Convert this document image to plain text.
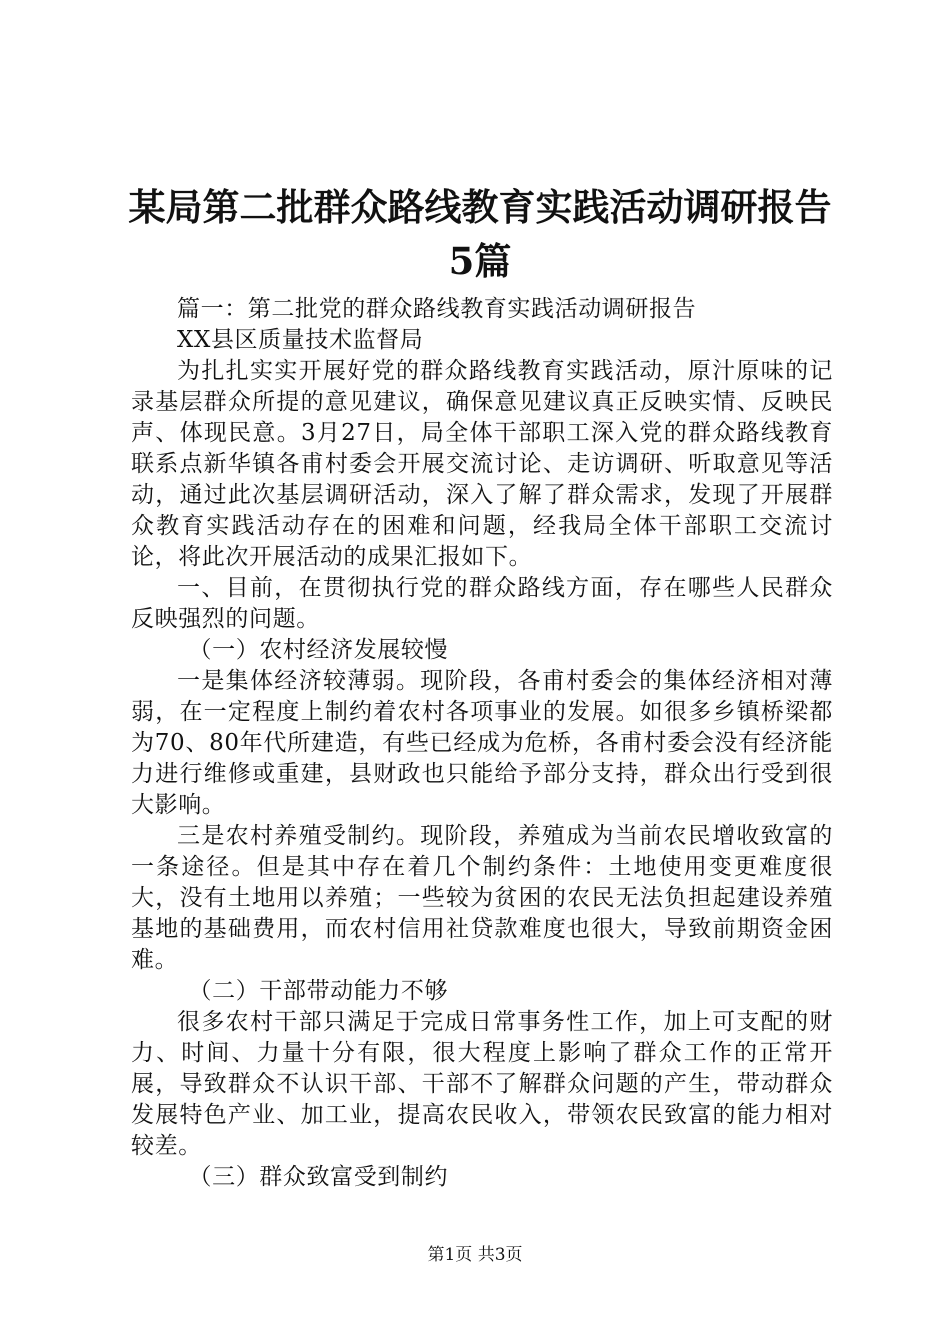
某局第二批群众路线教育实践活动调研报告5篇

篇一：第二批党的群众路线教育实践活动调研报告

XX县区质量技术监督局

为扎扎实实开展好党的群众路线教育实践活动，原汁原味的记录基层群众所提的意见建议，确保意见建议真正反映实情、反映民声、体现民意。3月27日，局全体干部职工深入党的群众路线教育联系点新华镇各甫村委会开展交流讨论、走访调研、听取意见等活动，通过此次基层调研活动，深入了解了群众需求，发现了开展群众教育实践活动存在的困难和问题，经我局全体干部职工交流讨论，将此次开展活动的成果汇报如下。

一、目前，在贯彻执行党的群众路线方面，存在哪些人民群众反映强烈的问题。

（一）农村经济发展较慢

一是集体经济较薄弱。现阶段，各甫村委会的集体经济相对薄弱，在一定程度上制约着农村各项事业的发展。如很多乡镇桥梁都为70、80年代所建造，有些已经成为危桥，各甫村委会没有经济能力进行维修或重建，县财政也只能给予部分支持，群众出行受到很大影响。

三是农村养殖受制约。现阶段，养殖成为当前农民增收致富的一条途径。但是其中存在着几个制约条件：土地使用变更难度很大，没有土地用以养殖；一些较为贫困的农民无法负担起建设养殖基地的基础费用，而农村信用社贷款难度也很大，导致前期资金困难。

（二）干部带动能力不够

很多农村干部只满足于完成日常事务性工作，加上可支配的财力、时间、力量十分有限，很大程度上影响了群众工作的正常开展，导致群众不认识干部、干部不了解群众问题的产生，带动群众发展特色产业、加工业，提高农民收入，带领农民致富的能力相对较差。

（三）群众致富受到制约

第1页 共3页
